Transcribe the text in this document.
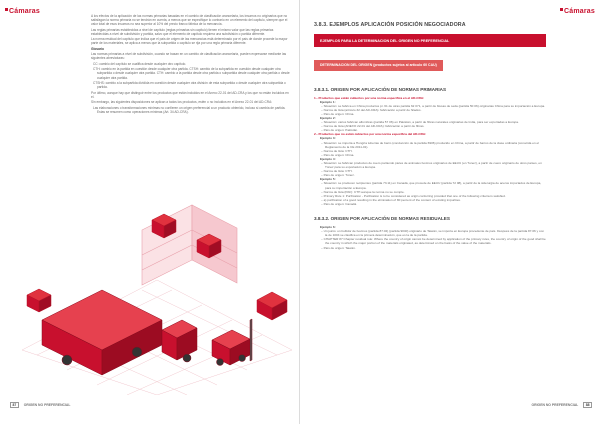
Cámaras

A los efectos de la aplicación de las normas primarias basadas en el cambio de clasificación arancelaria, los insumos no originarios que no satisfagan la norma primaria no se tendrán en cuenta, a menos que se especifique lo contrario en un elemento del capítulo, siempre que el valor total de esos insumos no sea superior al 10% del precio franco fábrica de la mercancía.

Las reglas primarias establecidas a nivel de capítulo (reglas primarias sin capítulo) tienen el mismo valor que las reglas primarias establecidas a nivel de subdivisión y partida, salvo que el elemento de capítulo requiera una subdivisión o partida diferente.

La norma residual del capítulo que indica que el país de origen de las mercancías está determinado por el país de donde procede la mayor parte de los materiales, se aplica a menos que la subpartida o capítulo se rija por una regla primaria diferente.

Glosario

Las normas primarias a nivel de subdivisión, cuando se basan en un cambio de clasificación arancelaria, pueden expresarse mediante las siguientes abreviaturas:

CC: cambio del capítulo se cualifica desde cualquier otro capítulo.

CTH: cambio en la partida en cuestión desde cualquier otra partida. CTSH: cambio de la subpartida en cuestión desde cualquier otra subpartida o desde cualquier otra partida. CTH: cambio a la partida desde otra partida o subpartida desde cualquier otra partida o desde cualquier otra partida.

CTSHS: cambio a la subpartida dividida en cuestión desde cualquier otra división de esta subpartida o desde cualquier otra subpartida o partida.

Por último, aunque hay que distinguir entre los productos que están incluidos en el Anexo 22-01 del AD-CRA y los que no están incluidos en el.

Sin embargo, las siguientes disposiciones se aplican a todos los productos, estén o no incluidos en el Anexo 22-01 del AD-CRA:

Las elaboraciones o transformaciones mínimas no confieren un origen preferencial a un producto obtenido, incluso si cambia de partida. Estas se resumen como operaciones mínimas (Art. 34 AD-CRA).

87 ORIGEN NO PREFERENCIAL
Cámaras
3.8.3. EJEMPLOS APLICACIÓN POSICIÓN NEGOCIADORA
EJEMPLOS PARA LA DETERMINACION DEL ORIGEN NO PREFERENCIAL
DETERMINACION DEL ORIGEN (productos sujetos al artículo 60 CAU)
3.8.3.1. ORIGEN POR APLICACIÓN DE NORMAS PRIMARIAS

1.- Productos que están cubiertos por una norma específica en el AD-CRA:

Ejemplo 1:

– Situación: se fabrica en China productos pr. 61 de otras partida 62 071, a partir de blusas de seda (partida 50 06) originarias China para su importación a Europa.

– Norma de lista (artículo 32 del AD-CRA): fabricación a partir de hilados.

– País de origen: China.

Ejemplo 2:

– Situación: varios fabrican alfombras (partida 57 06) en Pakistán, a partir de fibras naturales originarias de India, para ser exportadas a Europa.

– Norma de lista (ANEXO 22-01 del AD-CRA): fabricación a partir de fibras.

– País de origen: Pakistán.

2.- Productos que no están cubiertos por una norma específica del AD-CRA:

Ejemplo 3:

– Situación: se importa a Hungría tuberías de barro (conducción de la partida 6906) producido en China, a partir de barros de la clase ordinaria (conocida en el Reglamento de la CE 2011-01).

– Norma de lista: CTH.

– País de origen: China.

Ejemplo 4:

– Situación: se fabrican productos de cuero partiendo pieles de animales bovinos originarios de EEUU (en Tunez), a partir de cuero originario de otros países, en Túnez para su exportación a Europa.

– Norma de lista: CTH.

– País de origen: Túnez.

Ejemplo 5:

– Situación: se producen recipientes (partida 73.11) en Canadá, que procede de EEUU (partida 72 08), a partir de la siderurgia de aceros importados de Europa, para su importación a Europa.

– Norma de lista (PAF): CTH aunque la norma no se cumple.

– Primary Rule 1: Purification - Purification is to be considered as origin conferring provided that one of the following criteria is satisfied.

– a) purification of a good resulting in the elimination of 80 percent of the content of existing impurities.

– País de origen: Canadá.

3.8.3.2. ORIGEN POR APLICACIÓN DE NORMAS RESIDUALES

Ejemplo 6:

– Un juicio: un bullidor de bovinos (partida 87.02) (partida 9040) originario de Taiwán, se importa en Europa procedente de país. Después de la partida 87.06 y con la de 1004 se clasifica en la primera determinación, que es la de la partida.

– CHAPTER 87 Chapter residual rule: Where the country of origin cannot be determined by application of the primary rules, the country of origin of the good shall be the country in which the major portion of the materials originated, as determined on the basis of the value of the materials.

– País de origen: Taiwán.

ORIGEN NO PREFERENCIAL 88
